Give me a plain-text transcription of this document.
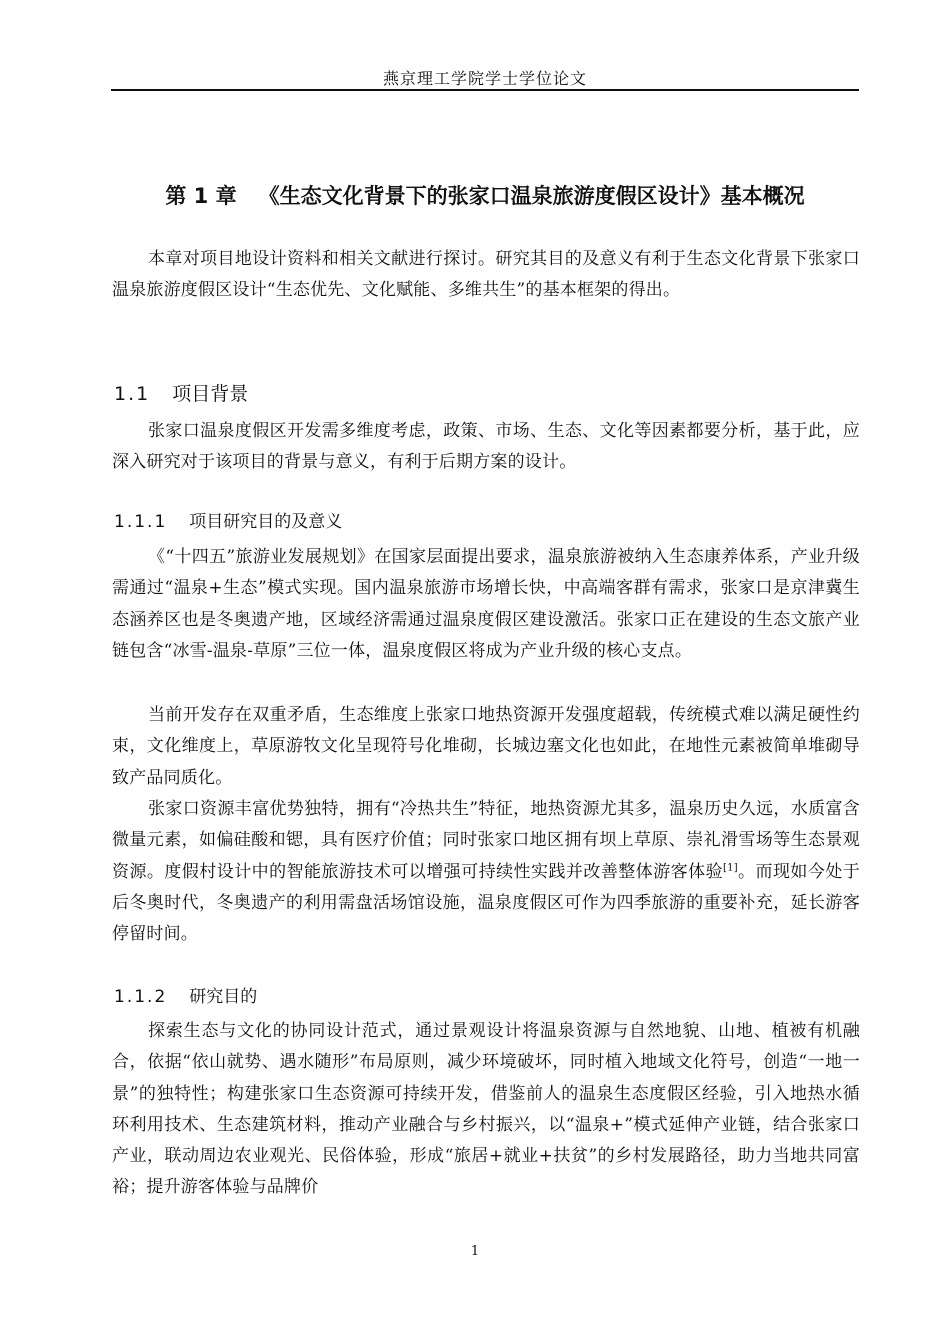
燕京理工学院学士学位论文
第 1 章 《生态文化背景下的张家口温泉旅游度假区设计》基本概况
本章对项目地设计资料和相关文献进行探讨。研究其目的及意义有利于生态文化背景下张家口温泉旅游度假区设计“生态优先、文化赋能、多维共生”的基本框架的得出。
1.1 项目背景
张家口温泉度假区开发需多维度考虑，政策、市场、生态、文化等因素都要分析，基于此，应深入研究对于该项目的背景与意义，有利于后期方案的设计。
1.1.1 项目研究目的及意义
《“十四五”旅游业发展规划》在国家层面提出要求，温泉旅游被纳入生态康养体系，产业升级需通过“温泉+生态”模式实现。国内温泉旅游市场增长快，中高端客群有需求，张家口是京津冀生态涵养区也是冬奥遗产地，区域经济需通过温泉度假区建设激活。张家口正在建设的生态文旅产业链包含“冰雪-温泉-草原”三位一体，温泉度假区将成为产业升级的核心支点。
当前开发存在双重矛盾，生态维度上张家口地热资源开发强度超载，传统模式难以满足硬性约束，文化维度上，草原游牧文化呈现符号化堆砌，长城边塞文化也如此，在地性元素被简单堆砌导致产品同质化。
张家口资源丰富优势独特，拥有“冷热共生”特征，地热资源尤其多，温泉历史久远，水质富含微量元素，如偏硅酸和锶，具有医疗价值；同时张家口地区拥有坝上草原、崇礼滑雪场等生态景观资源。度假村设计中的智能旅游技术可以增强可持续性实践并改善整体游客体验[1]。而现如今处于后冬奥时代，冬奥遗产的利用需盘活场馆设施，温泉度假区可作为四季旅游的重要补充，延长游客停留时间。
1.1.2 研究目的
探索生态与文化的协同设计范式，通过景观设计将温泉资源与自然地貌、山地、植被有机融合，依据“依山就势、遇水随形”布局原则，减少环境破坏，同时植入地域文化符号，创造“一地一景”的独特性；构建张家口生态资源可持续开发，借鉴前人的温泉生态度假区经验，引入地热水循环利用技术、生态建筑材料，推动产业融合与乡村振兴，以“温泉+”模式延伸产业链，结合张家口产业，联动周边农业观光、民俗体验，形成“旅居+就业+扶贫”的乡村发展路径，助力当地共同富裕；提升游客体验与品牌价
1
